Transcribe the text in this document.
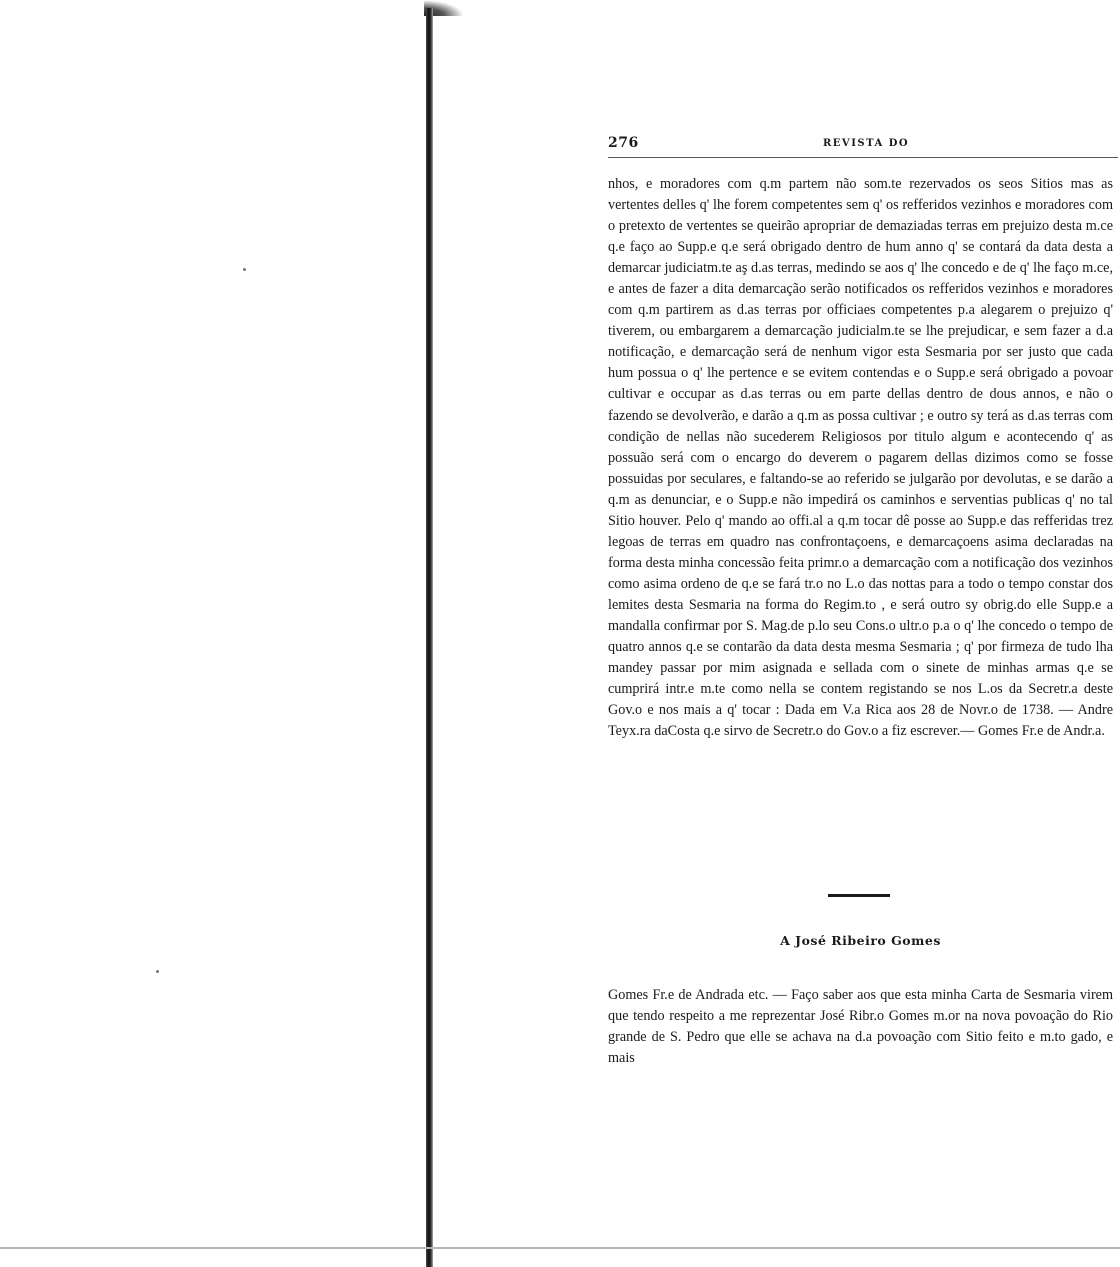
276	REVISTA DO

nhos, e moradores com q.m partem não som.te rezervados os seos Sitios mas as vertentes delles q' lhe forem competentes sem q' os refferidos vezinhos e moradores com o pretexto de vertentes se queirão apropriar de demaziadas terras em prejuizo desta m.ce q.e faço ao Supp.e q.e será obrigado dentro de hum anno q' se contará da data desta a demarcar judiciatm.te aş d.as terras, medindo se aos q' lhe concedo e de q' lhe faço m.ce, e antes de fazer a dita demarcação serão notificados os refferidos vezinhos e moradores com q.m partirem as d.as terras por officiaes competentes p.a alegarem o prejuizo q' tiverem, ou embargarem a demarcação judicialm.te se lhe prejudicar, e sem fazer a d.a notificação, e demarcação será de nenhum vigor esta Sesmaria por ser justo que cada hum possua o q' lhe pertence e se evitem contendas e o Supp.e será obrigado a povoar cultivar e occupar as d.as terras ou em parte dellas dentro de dous annos, e não o fazendo se devolverão, e darão a q.m as possa cultivar ; e outro sy terá as d.as terras com condição de nellas não sucederem Religiosos por titulo algum e acontecendo q' as possuão será com o encargo do deverem o pagarem dellas dizimos como se fosse possuidas por seculares, e faltando-se ao referido se julgarão por devolutas, e se darão a q.m as denunciar, e o Supp.e não impedirá os caminhos e serventias publicas q' no tal Sitio houver. Pelo q' mando ao offi.al a q.m tocar dê posse ao Supp.e das refferidas trez legoas de terras em quadro nas confrontaçoens, e demarcaçoens asima declaradas na forma desta minha concessão feita primr.o a demarcação com a notificação dos vezinhos como asima ordeno de q.e se fará tr.o no L.o das nottas para a todo o tempo constar dos lemites desta Sesmaria na forma do Regim.to , e será outro sy obrig.do elle Supp.e a mandalla confirmar por S. Mag.de p.lo seu Cons.o ultr.o p.a o q' lhe concedo o tempo de quatro annos q.e se contarão da data desta mesma Sesmaria ; q' por firmeza de tudo lha mandey passar por mim asignada e sellada com o sinete de minhas armas q.e se cumprirá intr.e m.te como nella se contem registando se nos L.os da Secretr.a deste Gov.o e nos mais a q' tocar : Dada em V.a Rica aos 28 de Novr.o de 1738. — Andre Teyx.ra daCosta q.e sirvo de Secretr.o do Gov.o a fiz escrever.— Gomes Fr.e de Andr.a.

A José Ribeiro Gomes

Gomes Fr.e de Andrada etc. — Faço saber aos que esta minha Carta de Sesmaria virem que tendo respeito a me reprezentar José Ribr.o Gomes m.or na nova povoação do Rio grande de S. Pedro que elle se achava na d.a povoação com Sitio feito e m.to gado, e mais
